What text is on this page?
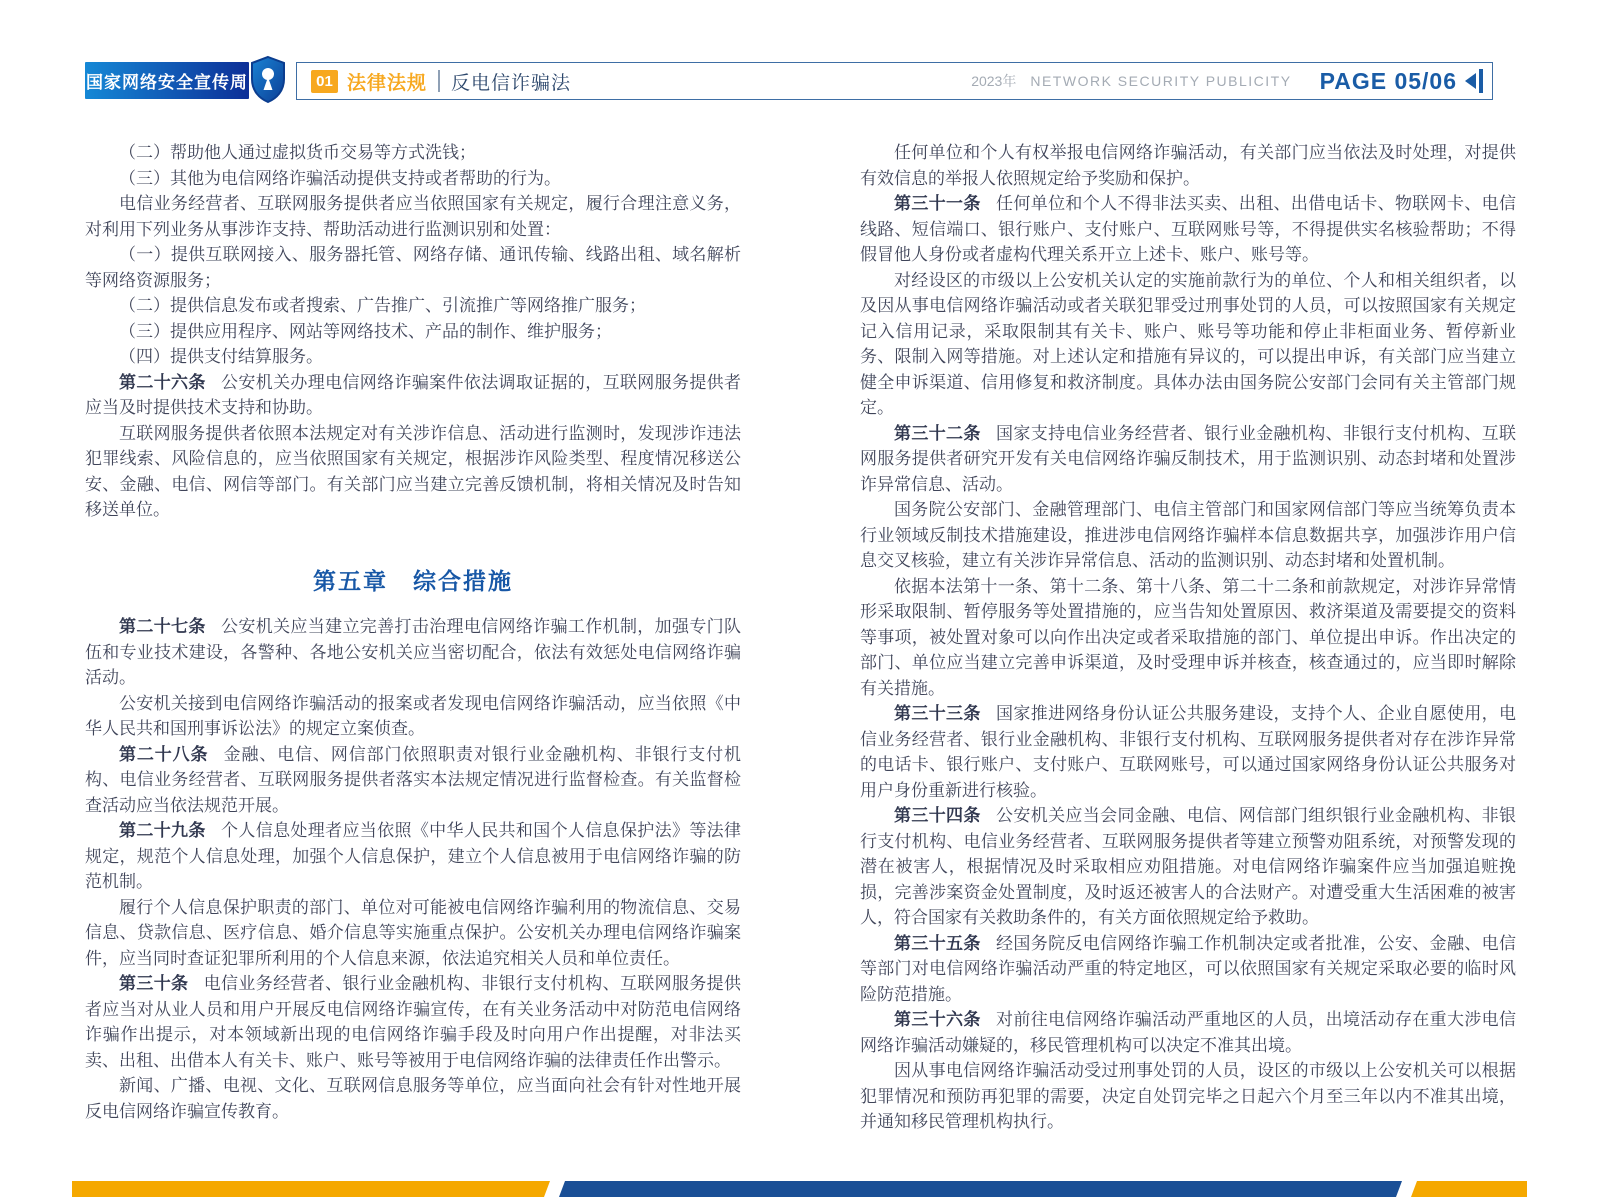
国家网络安全宣传周	01 法律法规 反电信诈骗法	2023年 NETWORK SECURITY PUBLICITY PAGE 05/06

（二）帮助他人通过虚拟货币交易等方式洗钱；

（三）其他为电信网络诈骗活动提供支持或者帮助的行为。

电信业务经营者、互联网服务提供者应当依照国家有关规定，履行合理注意义务，对利用下列业务从事涉诈支持、帮助活动进行监测识别和处置：

（一）提供互联网接入、服务器托管、网络存储、通讯传输、线路出租、域名解析等网络资源服务；

（二）提供信息发布或者搜索、广告推广、引流推广等网络推广服务；

（三）提供应用程序、网站等网络技术、产品的制作、维护服务；

（四）提供支付结算服务。

第二十六条 公安机关办理电信网络诈骗案件依法调取证据的，互联网服务提供者应当及时提供技术支持和协助。

互联网服务提供者依照本法规定对有关涉诈信息、活动进行监测时，发现涉诈违法犯罪线索、风险信息的，应当依照国家有关规定，根据涉诈风险类型、程度情况移送公安、金融、电信、网信等部门。有关部门应当建立完善反馈机制，将相关情况及时告知移送单位。

第五章　综合措施

第二十七条 公安机关应当建立完善打击治理电信网络诈骗工作机制，加强专门队伍和专业技术建设，各警种、各地公安机关应当密切配合，依法有效惩处电信网络诈骗活动。

公安机关接到电信网络诈骗活动的报案或者发现电信网络诈骗活动，应当依照《中华人民共和国刑事诉讼法》的规定立案侦查。

第二十八条 金融、电信、网信部门依照职责对银行业金融机构、非银行支付机构、电信业务经营者、互联网服务提供者落实本法规定情况进行监督检查。有关监督检查活动应当依法规范开展。

第二十九条 个人信息处理者应当依照《中华人民共和国个人信息保护法》等法律规定，规范个人信息处理，加强个人信息保护，建立个人信息被用于电信网络诈骗的防范机制。

履行个人信息保护职责的部门、单位对可能被电信网络诈骗利用的物流信息、交易信息、贷款信息、医疗信息、婚介信息等实施重点保护。公安机关办理电信网络诈骗案件，应当同时查证犯罪所利用的个人信息来源，依法追究相关人员和单位责任。

第三十条 电信业务经营者、银行业金融机构、非银行支付机构、互联网服务提供者应当对从业人员和用户开展反电信网络诈骗宣传，在有关业务活动中对防范电信网络诈骗作出提示，对本领域新出现的电信网络诈骗手段及时向用户作出提醒，对非法买卖、出租、出借本人有关卡、账户、账号等被用于电信网络诈骗的法律责任作出警示。

新闻、广播、电视、文化、互联网信息服务等单位，应当面向社会有针对性地开展反电信网络诈骗宣传教育。

任何单位和个人有权举报电信网络诈骗活动，有关部门应当依法及时处理，对提供有效信息的举报人依照规定给予奖励和保护。

第三十一条 任何单位和个人不得非法买卖、出租、出借电话卡、物联网卡、电信线路、短信端口、银行账户、支付账户、互联网账号等，不得提供实名核验帮助；不得假冒他人身份或者虚构代理关系开立上述卡、账户、账号等。

对经设区的市级以上公安机关认定的实施前款行为的单位、个人和相关组织者，以及因从事电信网络诈骗活动或者关联犯罪受过刑事处罚的人员，可以按照国家有关规定记入信用记录，采取限制其有关卡、账户、账号等功能和停止非柜面业务、暂停新业务、限制入网等措施。对上述认定和措施有异议的，可以提出申诉，有关部门应当建立健全申诉渠道、信用修复和救济制度。具体办法由国务院公安部门会同有关主管部门规定。

第三十二条 国家支持电信业务经营者、银行业金融机构、非银行支付机构、互联网服务提供者研究开发有关电信网络诈骗反制技术，用于监测识别、动态封堵和处置涉诈异常信息、活动。

国务院公安部门、金融管理部门、电信主管部门和国家网信部门等应当统筹负责本行业领域反制技术措施建设，推进涉电信网络诈骗样本信息数据共享，加强涉诈用户信息交叉核验，建立有关涉诈异常信息、活动的监测识别、动态封堵和处置机制。

依据本法第十一条、第十二条、第十八条、第二十二条和前款规定，对涉诈异常情形采取限制、暂停服务等处置措施的，应当告知处置原因、救济渠道及需要提交的资料等事项，被处置对象可以向作出决定或者采取措施的部门、单位提出申诉。作出决定的部门、单位应当建立完善申诉渠道，及时受理申诉并核查，核查通过的，应当即时解除有关措施。

第三十三条 国家推进网络身份认证公共服务建设，支持个人、企业自愿使用，电信业务经营者、银行业金融机构、非银行支付机构、互联网服务提供者对存在涉诈异常的电话卡、银行账户、支付账户、互联网账号，可以通过国家网络身份认证公共服务对用户身份重新进行核验。

第三十四条 公安机关应当会同金融、电信、网信部门组织银行业金融机构、非银行支付机构、电信业务经营者、互联网服务提供者等建立预警劝阻系统，对预警发现的潜在被害人，根据情况及时采取相应劝阻措施。对电信网络诈骗案件应当加强追赃挽损，完善涉案资金处置制度，及时返还被害人的合法财产。对遭受重大生活困难的被害人，符合国家有关救助条件的，有关方面依照规定给予救助。

第三十五条 经国务院反电信网络诈骗工作机制决定或者批准，公安、金融、电信等部门对电信网络诈骗活动严重的特定地区，可以依照国家有关规定采取必要的临时风险防范措施。

第三十六条 对前往电信网络诈骗活动严重地区的人员，出境活动存在重大涉电信网络诈骗活动嫌疑的，移民管理机构可以决定不准其出境。

因从事电信网络诈骗活动受过刑事处罚的人员，设区的市级以上公安机关可以根据犯罪情况和预防再犯罪的需要，决定自处罚完毕之日起六个月至三年以内不准其出境，并通知移民管理机构执行。
